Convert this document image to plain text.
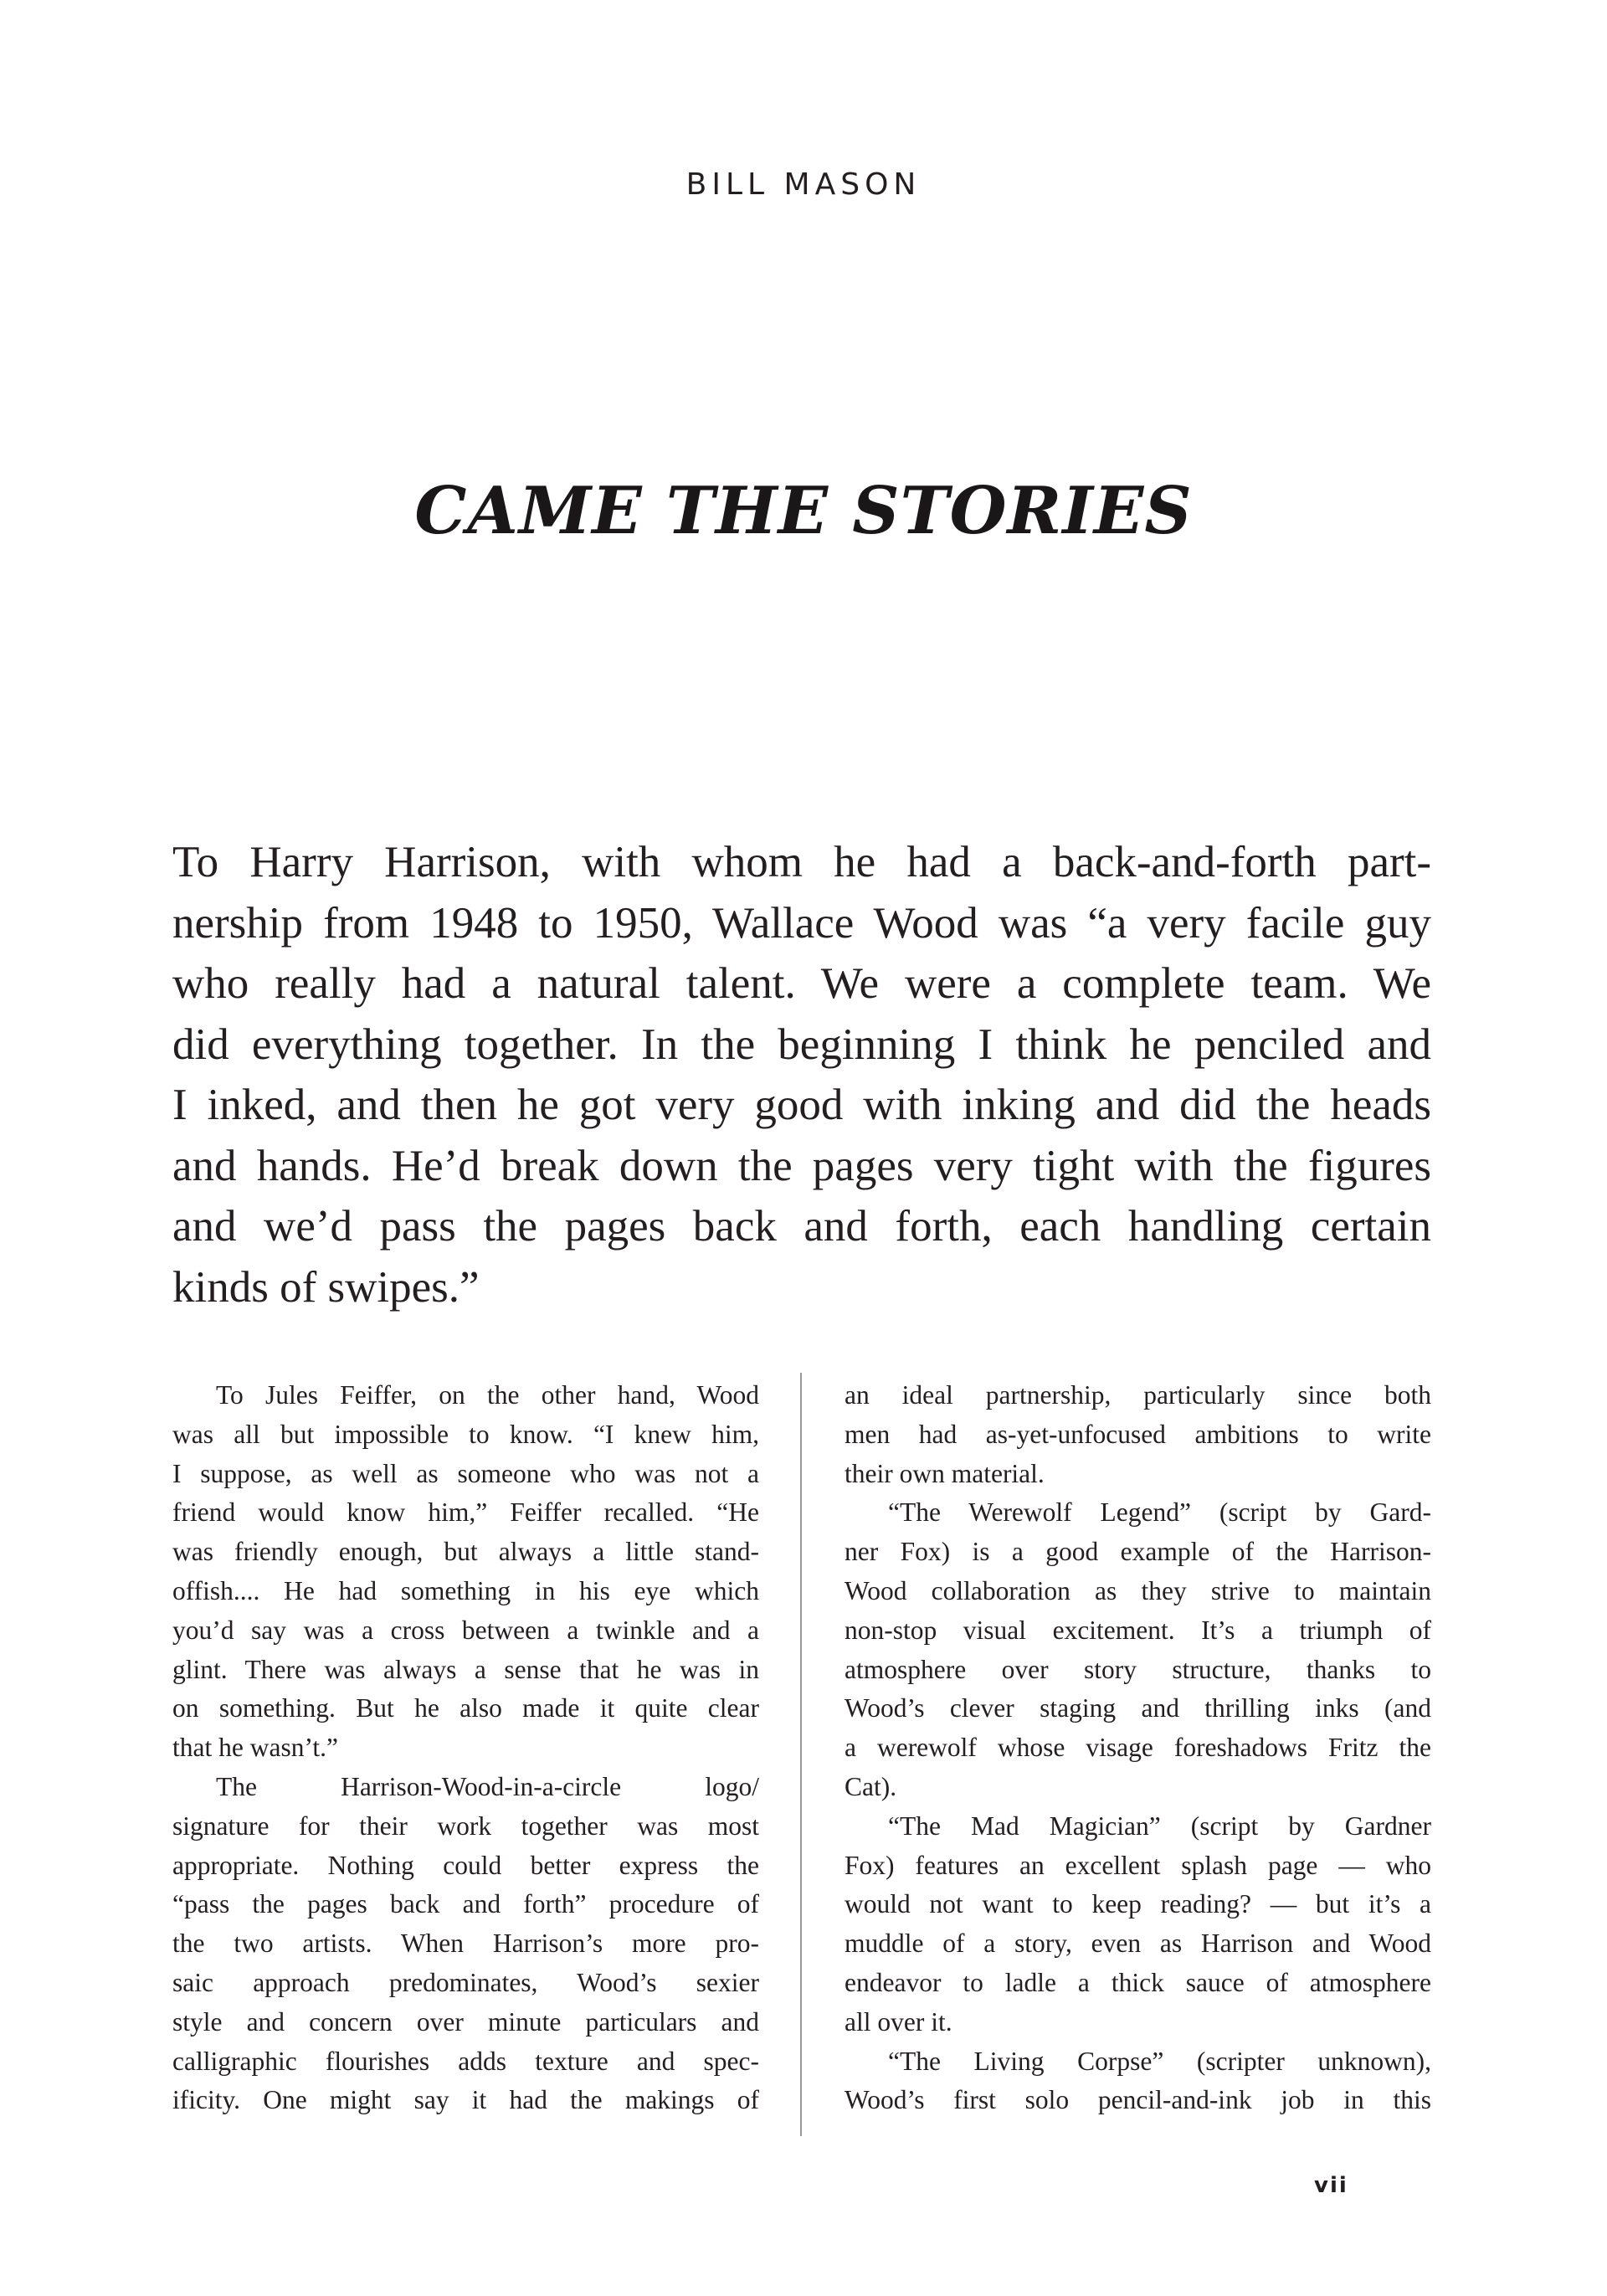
BILL MASON
CAME THE STORIES
To Harry Harrison, with whom he had a back-and-forth part-
nership from 1948 to 1950, Wallace Wood was “a very facile guy
who really had a natural talent. We were a complete team. We
did everything together. In the beginning I think he penciled and
I inked, and then he got very good with inking and did the heads
and hands. He’d break down the pages very tight with the figures
and we’d pass the pages back and forth, each handling certain
kinds of swipes.”
To Jules Feiffer, on the other hand, Wood
was all but impossible to know. “I knew him,
I suppose, as well as someone who was not a
friend would know him,” Feiffer recalled. “He
was friendly enough, but always a little stand-
offish.... He had something in his eye which
you’d say was a cross between a twinkle and a
glint. There was always a sense that he was in
on something. But he also made it quite clear
that he wasn’t.”
The Harrison-Wood-in-a-circle logo/
signature for their work together was most
appropriate. Nothing could better express the
“pass the pages back and forth” procedure of
the two artists. When Harrison’s more pro-
saic approach predominates, Wood’s sexier
style and concern over minute particulars and
calligraphic flourishes adds texture and spec-
ificity. One might say it had the makings of
an ideal partnership, particularly since both
men had as-yet-unfocused ambitions to write
their own material.
“The Werewolf Legend” (script by Gard-
ner Fox) is a good example of the Harrison-
Wood collaboration as they strive to maintain
non-stop visual excitement. It’s a triumph of
atmosphere over story structure, thanks to
Wood’s clever staging and thrilling inks (and
a werewolf whose visage foreshadows Fritz the
Cat).
“The Mad Magician” (script by Gardner
Fox) features an excellent splash page — who
would not want to keep reading? — but it’s a
muddle of a story, even as Harrison and Wood
endeavor to ladle a thick sauce of atmosphere
all over it.
“The Living Corpse” (scripter unknown),
Wood’s first solo pencil-and-ink job in this
vii
